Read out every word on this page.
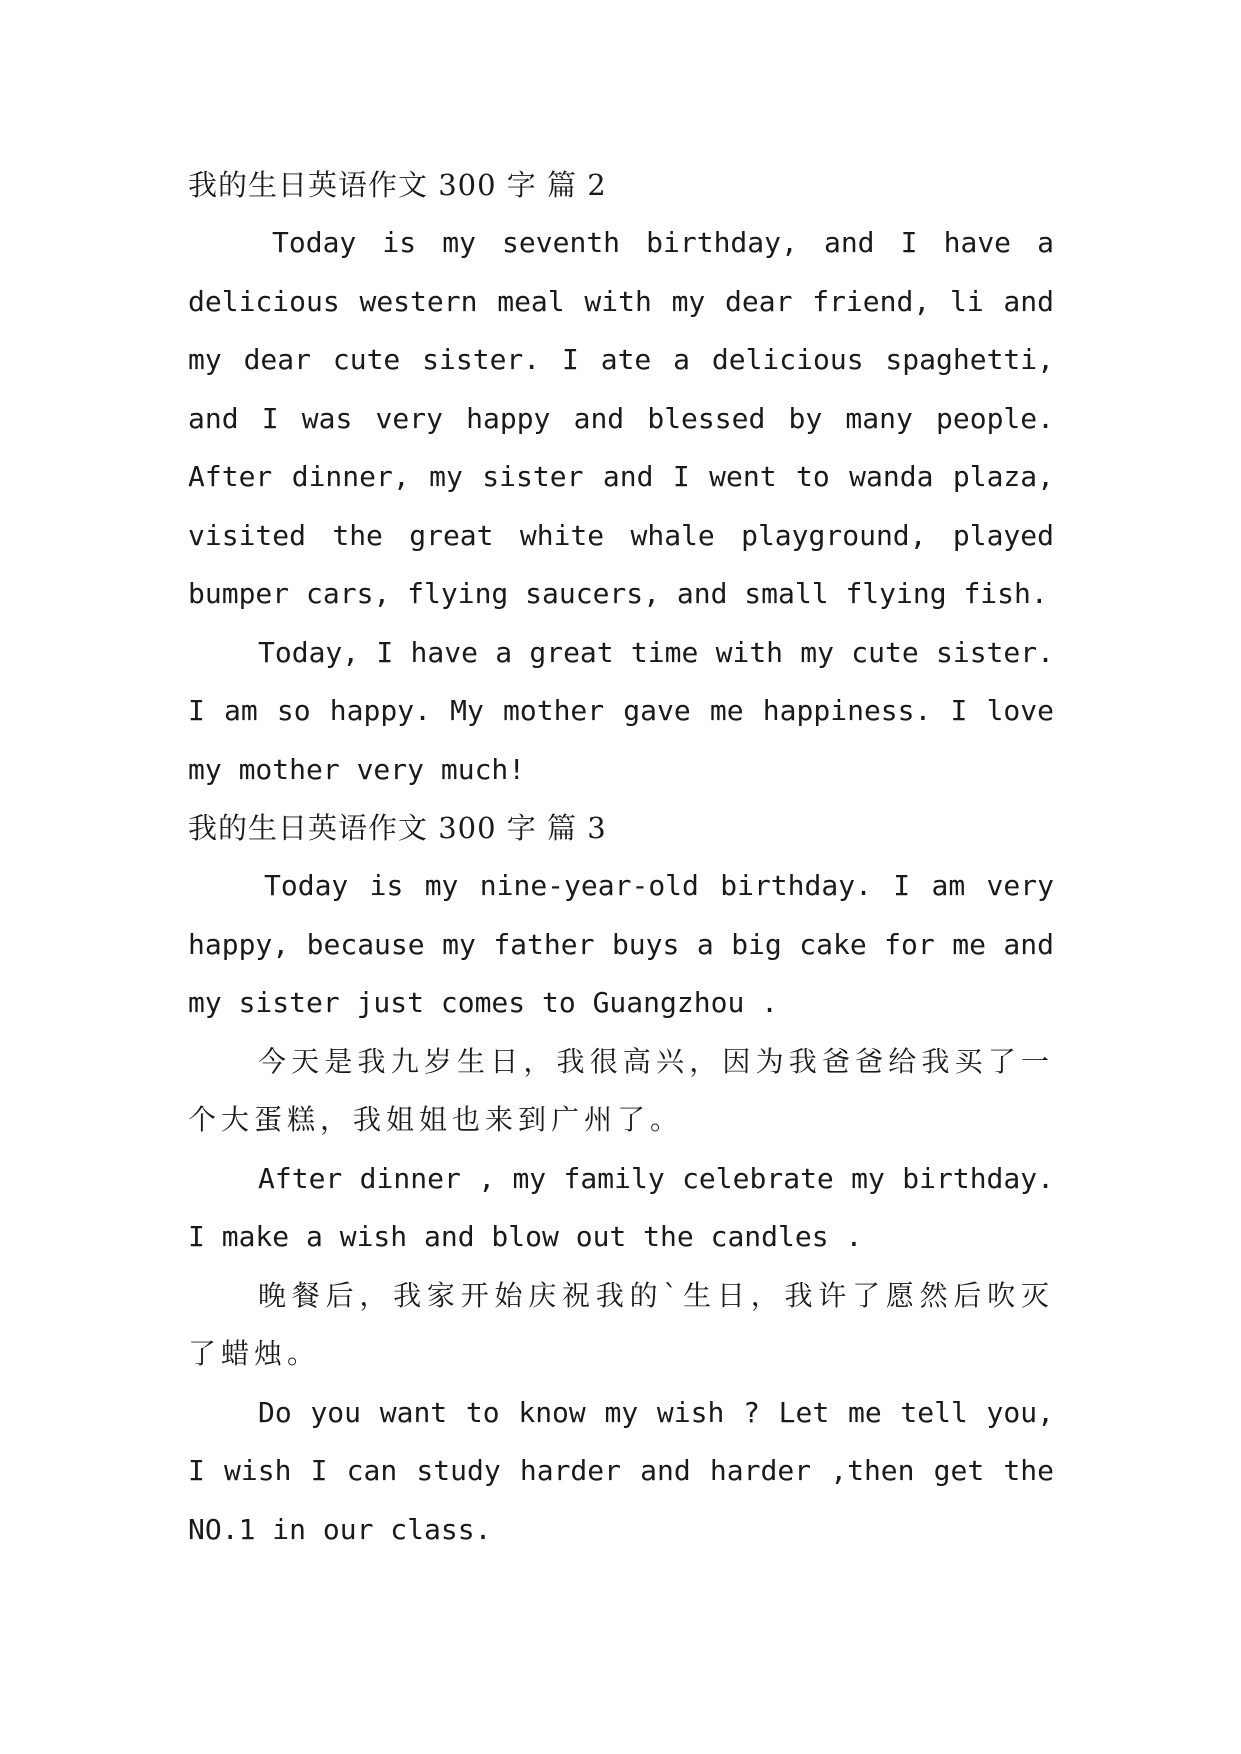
我的生日英语作文 300 字 篇 2

Today is my seventh birthday, and I have a delicious western meal with my dear friend, li and my dear cute sister. I ate a delicious spaghetti, and I was very happy and blessed by many people. After dinner, my sister and I went to wanda plaza, visited the great white whale playground, played bumper cars, flying saucers, and small flying fish.

Today, I have a great time with my cute sister. I am so happy. My mother gave me happiness. I love my mother very much!

我的生日英语作文 300 字 篇 3

Today is my nine-year-old birthday. I am very happy, because my father buys a big cake for me and my sister just comes to Guangzhou .

今天是我九岁生日，我很高兴，因为我爸爸给我买了一个大蛋糕，我姐姐也来到广州了。

After dinner , my family celebrate my birthday. I make a wish and blow out the candles .

晚餐后，我家开始庆祝我的`生日，我许了愿然后吹灭了蜡烛。

Do you want to know my wish ? Let me tell you, I wish I can study harder and harder ,then get the NO.1 in our class.
